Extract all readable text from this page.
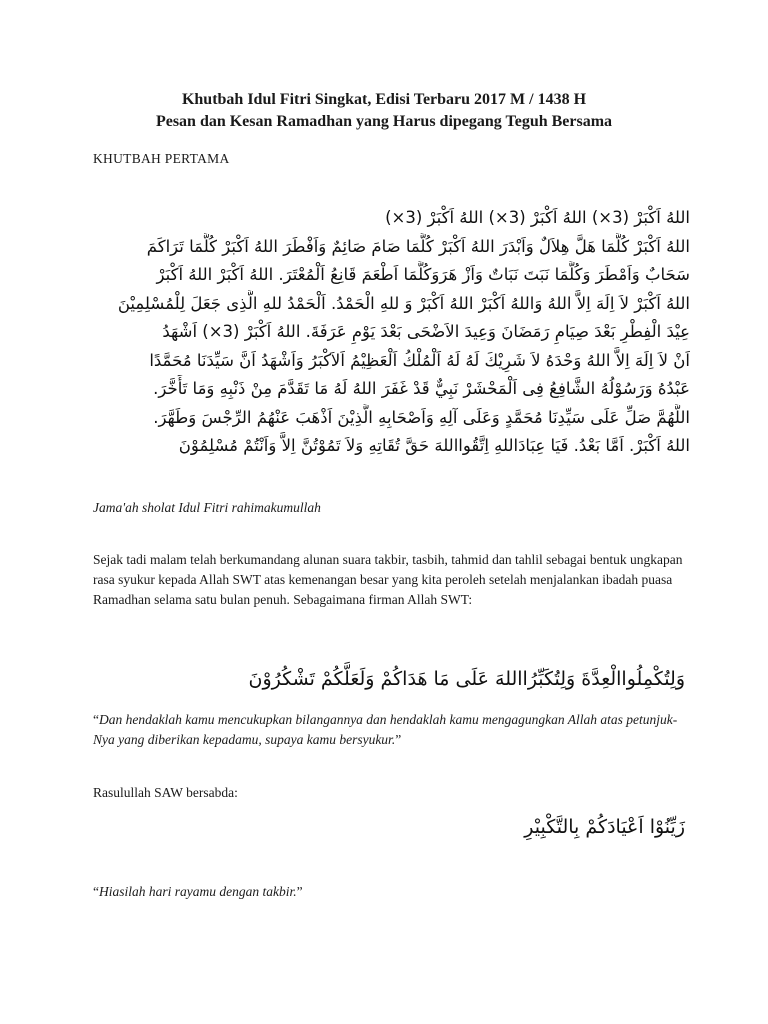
Khutbah Idul Fitri Singkat, Edisi Terbaru 2017 M / 1438 H
Pesan dan Kesan Ramadhan yang Harus dipegang Teguh Bersama
KHUTBAH PERTAMA
اللهُ اَكْبَرْ (3×) اللهُ اَكْبَرْ (3×) اللهُ اَكْبَرْ (3×)
اللهُ اَكْبَرْ كُلَّمَا هَلَّ هِلاَلٌ وَاَبْدَرَ اللهُ اَكْبَرْ كُلَّمَا صَامَ صَائِمٌ وَاَفْطَرَ اللهُ اَكْبَرْ كُلَّمَا تَرَاكَمَ
سَحَابٌ وَاَمْطَرَ وَكُلَّمَا نَبَتَ نَبَاتٌ وَاَزْ هَرَوَكُلَّمَا اَطْعَمَ قَانِعُ اَلْمُعْتَرَ. اللهُ اَكْبَرْ اللهُ اَكْبَرْ
اللهُ اَكْبَرْ لاَ اِلَهَ اِلاَّ اللهُ وَاللهُ اَكْبَرْ اللهُ اَكْبَرْ وَ للهِ الْحَمْدُ. اَلْحَمْدُ للهِ الَّذِى جَعَلَ لِلْمُسْلِمِيْنَ
عِيْدَ الْفِطْرِ بَعْدَ صِيَامِ رَمَضَانَ وَعِيدَ الاَضْحَى بَعْدَ يَوْمِ عَرَفَةَ. اللهُ اَكْبَرْ (3×) اَشْهَدُ
اَنْ لاَ اِلَهَ اِلاَّ اللهُ وَحْدَهُ لاَ شَرِيْكَ لَهُ لَهُ اَلْمُلْكُ اَلْعَظِيْمُ اَلاَكْبَرُ وَاَشْهَدُ اَنَّ سَيِّدَنَا مُحَمَّدًا
عَبْدُهُ وَرَسُوْلُهُ الشَّافِعُ فِى اَلْمَحْشَرْ نَبِيٌّ قَدْ غَفَرَ اللهُ لَهُ مَا تَقَدَّمَ مِنْ ذَنْبِهِ وَمَا تَأَخَّرَ.
اللَّهُمَّ صَلِّ عَلَى سَيِّدِنَا مُحَمَّدٍ وَعَلَى آلِهِ وَاَصْحَابِهِ الَّذِيْنَ اَذْهَبَ عَنْهُمُ الرِّجْسَ وَطَهَّرَ.
اللهُ اَكْبَرْ. اَمَّا بَعْدُ. فَيَا عِبَادَاللهِ اِتَّقُوااللهَ حَقَّ تُقَاتِهِ وَلاَ تَمُوْتُنَّ اِلاَّ وَاَنْتُمْ مُسْلِمُوْنَ
Jama'ah sholat Idul Fitri rahimakumullah
Sejak tadi malam telah berkumandang alunan suara takbir, tasbih, tahmid dan tahlil sebagai bentuk ungkapan rasa syukur kepada Allah SWT atas kemenangan besar yang kita peroleh setelah menjalankan ibadah puasa Ramadhan selama satu bulan penuh. Sebagaimana firman Allah SWT:
وَلِتُكْمِلُواالْعِدَّةَ وَلِتُكَبِّرُااللهَ عَلَى مَا هَدَاكُمْ وَلَعَلَّكُمْ تَشْكُرُوْنَ
“Dan hendaklah kamu mencukupkan bilangannya dan hendaklah kamu mengagungkan Allah atas petunjuk-Nya yang diberikan kepadamu, supaya kamu bersyukur.”
Rasulullah SAW bersabda:
زَيِّنُوْا اَعْيَادَكُمْ بِالتَّكْبِيْرِ
“Hiasilah hari rayamu dengan takbir.”
